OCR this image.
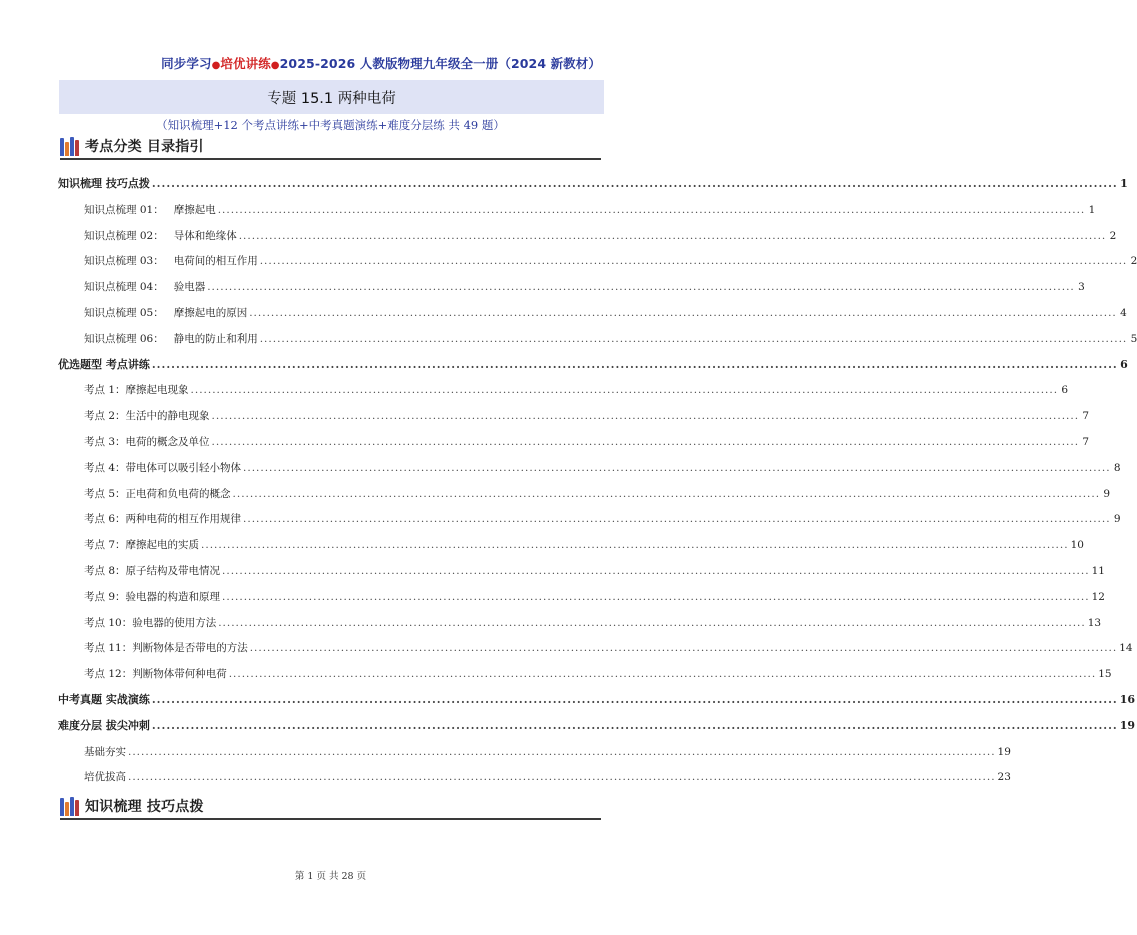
同步学习●培优讲练●2025-2026 人教版物理九年级全一册（2024 新教材）
专题 15.1 两种电荷
（知识梳理+12 个考点讲练+中考真题演练+难度分层练 共 49 题）
考点分类 目录指引
知识梳理 技巧点拨 ........................................................................................................................................................................................................ 1
知识点梳理 01：   摩擦起电 ........................................................................................................................................................................................................ 1
知识点梳理 02：   导体和绝缘体 ........................................................................................................................................................................................................ 2
知识点梳理 03：   电荷间的相互作用 ........................................................................................................................................................................................................ 2
知识点梳理 04：   验电器 ........................................................................................................................................................................................................ 3
知识点梳理 05：   摩擦起电的原因 ........................................................................................................................................................................................................ 4
知识点梳理 06：   静电的防止和利用 ........................................................................................................................................................................................................ 5
优选题型 考点讲练 ........................................................................................................................................................................................................ 6
考点 1：摩擦起电现象 ........................................................................................................................................................................................................ 6
考点 2：生活中的静电现象 ........................................................................................................................................................................................................ 7
考点 3：电荷的概念及单位 ........................................................................................................................................................................................................ 7
考点 4：带电体可以吸引轻小物体 ........................................................................................................................................................................................................ 8
考点 5：正电荷和负电荷的概念 ........................................................................................................................................................................................................ 9
考点 6：两种电荷的相互作用规律 ........................................................................................................................................................................................................ 9
考点 7：摩擦起电的实质 ........................................................................................................................................................................................................ 10
考点 8：原子结构及带电情况 ........................................................................................................................................................................................................ 11
考点 9：验电器的构造和原理 ........................................................................................................................................................................................................ 12
考点 10：验电器的使用方法 ........................................................................................................................................................................................................ 13
考点 11：判断物体是否带电的方法 ........................................................................................................................................................................................................ 14
考点 12：判断物体带何种电荷 ........................................................................................................................................................................................................ 15
中考真题 实战演练 ........................................................................................................................................................................................................ 16
难度分层 拔尖冲刺 ........................................................................................................................................................................................................ 19
基础夯实 ........................................................................................................................................................................................................ 19
培优拔高 ........................................................................................................................................................................................................ 23
知识梳理 技巧点拨
第 1 页 共 28 页
